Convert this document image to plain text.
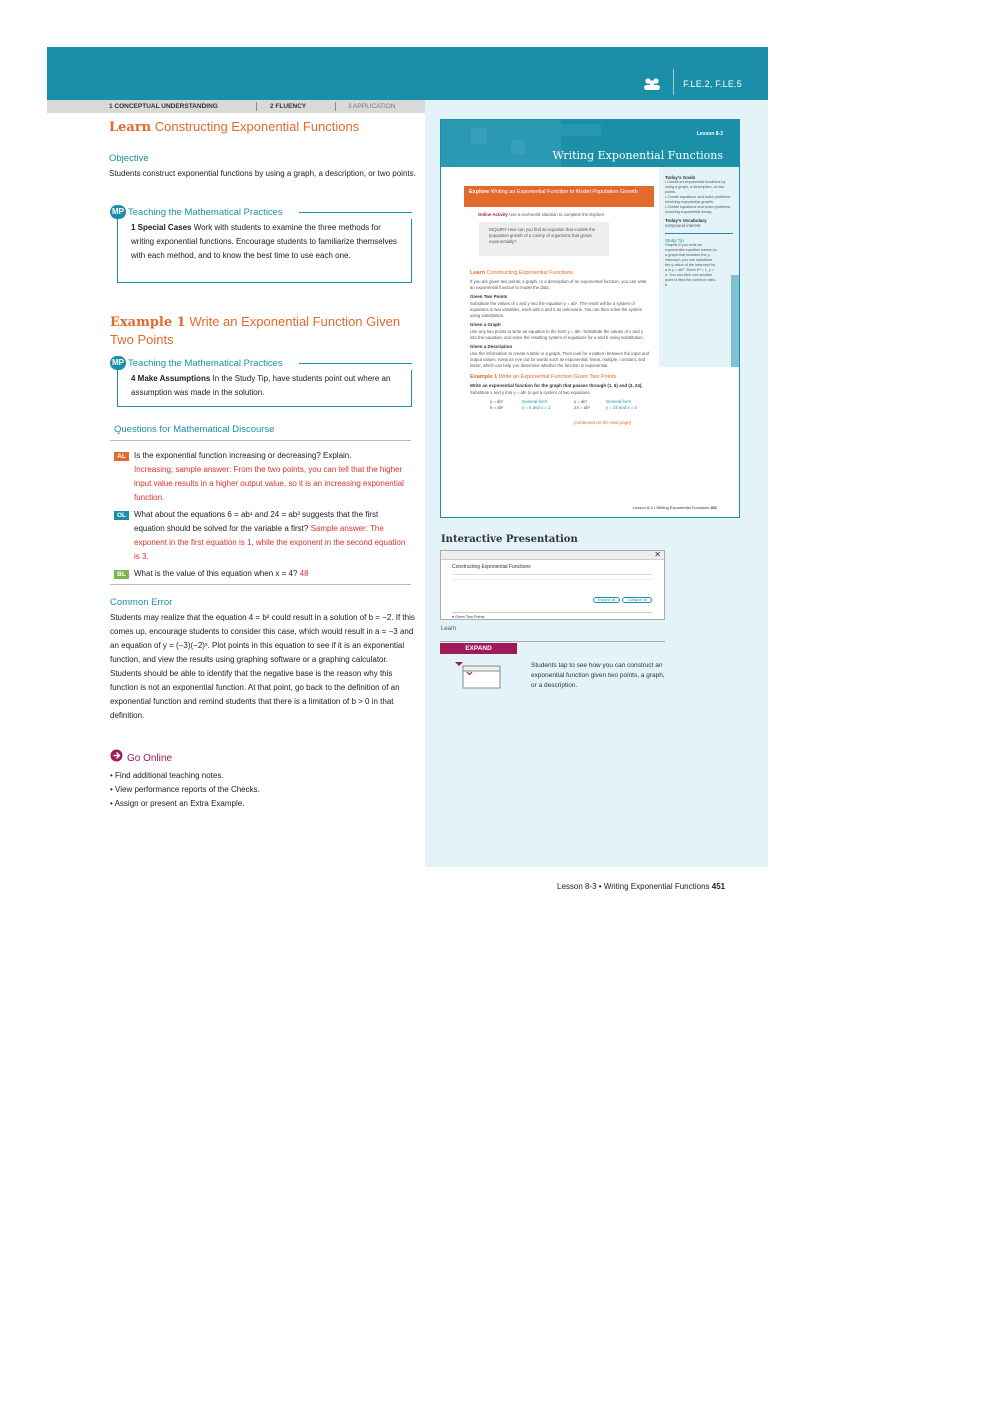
F.LE.2, F.LE.5
1 CONCEPTUAL UNDERSTANDING	2 FLUENCY	3 APPLICATION
Learn Constructing Exponential Functions
Objective
Students construct exponential functions by using a graph, a description, or two points.
MP Teaching the Mathematical Practices
1 Special Cases Work with students to examine the three methods for writing exponential functions. Encourage students to familiarize themselves with each method, and to know the best time to use each one.
Example 1 Write an Exponential Function Given Two Points
MP Teaching the Mathematical Practices
4 Make Assumptions In the Study Tip, have students point out where an assumption was made in the solution.
Questions for Mathematical Discourse
AL	Is the exponential function increasing or decreasing? Explain.
Increasing; sample answer: From the two points, you can tell that the higher input value results in a higher output value, so it is an increasing exponential function.
OL What about the equations 6 = ab¹ and 24 = ab³ suggests that the first equation should be solved for the variable a first? Sample answer: The exponent in the first equation is 1, while the exponent in the second equation is 3.
BL	What is the value of this equation when x = 4? 48
Common Error
Students may realize that the equation 4 = b² could result in a solution of b = −2. If this comes up, encourage students to consider this case, which would result in a = −3 and an equation of y = (−3)(−2)ˣ. Plot points in this equation to see if it is an exponential function, and view the results using graphing software or a graphing calculator. Students should be able to identify that the negative base is the reason why this function is not an exponential function. At that point, go back to the definition of an exponential function and remind students that there is a limitation of b > 0 in that definition.
Go Online
• Find additional teaching notes.
• View performance reports of the Checks.
• Assign or present an Extra Example.
Lesson 8-3
Writing Exponential Functions
Explore Writing an Exponential Function to Model Population Growth
Online Activity Use a real-world situation to complete the Explore.
INQUIRY How can you find an equation that models the population growth of a colony of organisms that grows exponentially?
Today's Goals
• Construct exponential functions by using a graph, a description, or two points.
• Create equations and solve problems involving exponential growth.
• Create equations and solve problems involving exponential decay.
Today's Vocabulary
compound interest
Study Tip
Graphs If you write an exponential equation based on a graph that includes the y-intercept, you can substitute the y-value of the intercept for a in y = ab⁰. Since b⁰ = 1, y = a. You can then use another point to find the common ratio, b.
Learn Constructing Exponential Functions
If you are given two points, a graph, or a description of an exponential function, you can write an exponential function to model the data.
Given Two Points
Substitute the values of x and y into the equation y = abˣ. The result will be a system of equations in two variables, each with a and b as unknowns. You can then solve the system using substitution.
Given a Graph
Use any two points to write an equation in the form y = abˣ. Substitute the values of x and y into the equation, and solve the resulting system of equations for a and b using substitution.
Given a Description
Use the information to create a table or a graph. Then look for a pattern between the input and output values. Keep an eye out for words such as exponential, linear, multiple, constant, and factor, which can help you determine whether the function is exponential.
Example 1 Write an Exponential Function Given Two Points
Write an exponential function for the graph that passes through (1, 6) and (3, 24).
Substitute x and y into y = abˣ to get a system of two equations.
y = abˣ	General form	y = abˣ	General form
6 = ab¹	y = 6 and x = 1	24 = ab³	y = 24 and x = 3
(continued on the next page)
Lesson 8-3 • Writing Exponential Functions 451
Interactive Presentation
✕
Constructing Exponential Functions
Expand all	Collapse all
▾ Given Two Points
Learn
EXPAND
Students tap to see how you can construct an exponential function given two points, a graph, or a description.
Lesson 8-3 • Writing Exponential Functions 451
